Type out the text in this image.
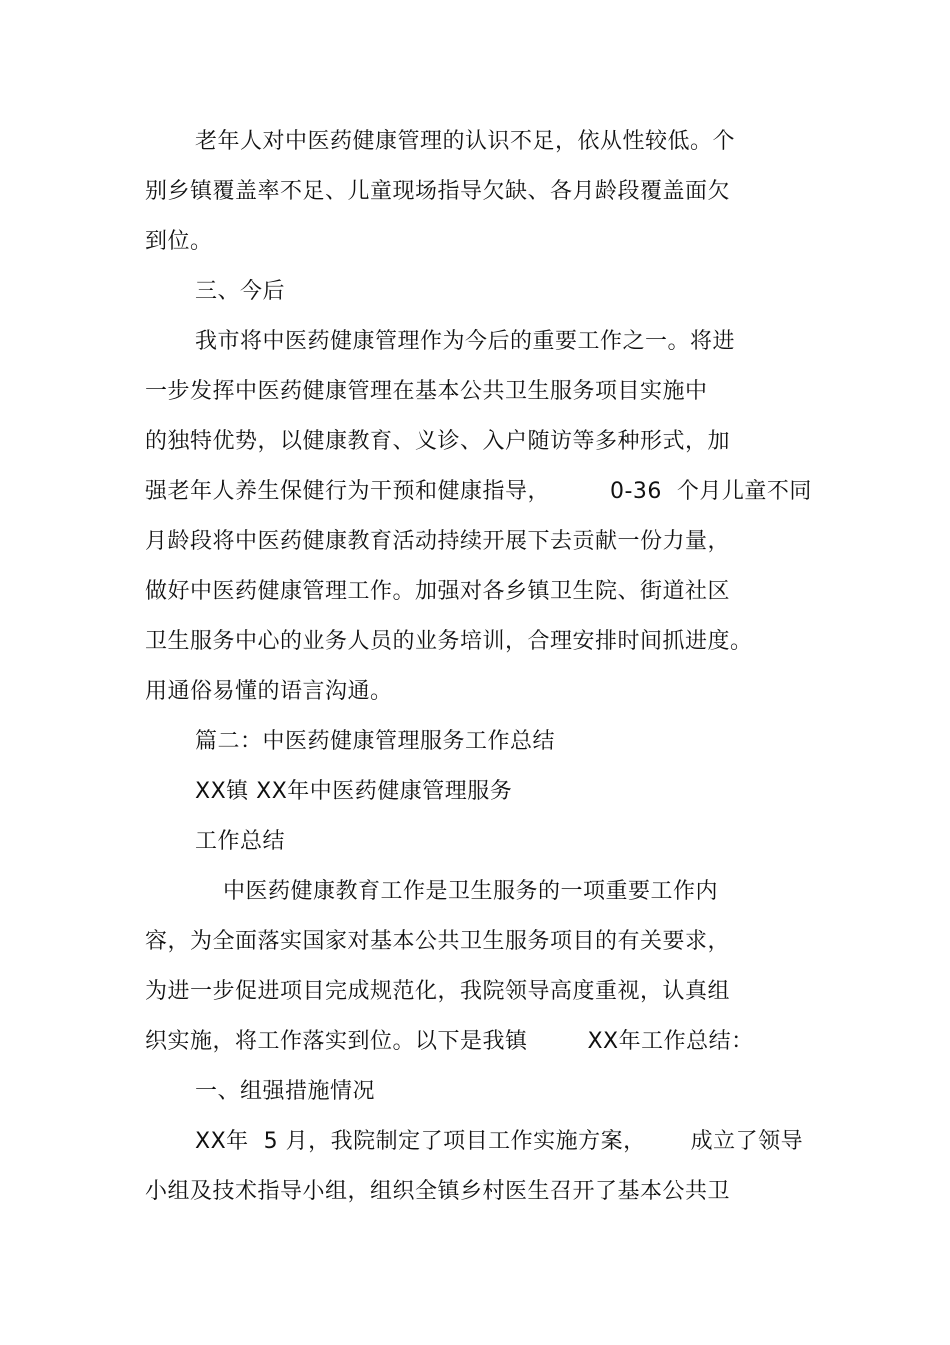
老年人对中医药健康管理的认识不足，依从性较低。个
别乡镇覆盖率不足、儿童现场指导欠缺、各月龄段覆盖面欠
到位。
三、今后
我市将中医药健康管理作为今后的重要工作之一。将进
一步发挥中医药健康管理在基本公共卫生服务项目实施中
的独特优势，以健康教育、义诊、入户随访等多种形式，加
强老年人养生保健行为干预和健康指导，        0-36  个月儿童不同
月龄段将中医药健康教育活动持续开展下去贡献一份力量，
做好中医药健康管理工作。加强对各乡镇卫生院、街道社区
卫生服务中心的业务人员的业务培训，合理安排时间抓进度。
用通俗易懂的语言沟通。
篇二：中医药健康管理服务工作总结
XX镇 XX年中医药健康管理服务
工作总结
中医药健康教育工作是卫生服务的一项重要工作内
容，为全面落实国家对基本公共卫生服务项目的有关要求，
为进一步促进项目完成规范化，我院领导高度重视，认真组
织实施，将工作落实到位。以下是我镇        XX年工作总结：
一、组强措施情况
XX年  5 月，我院制定了项目工作实施方案，      成立了领导
小组及技术指导小组，组织全镇乡村医生召开了基本公共卫
